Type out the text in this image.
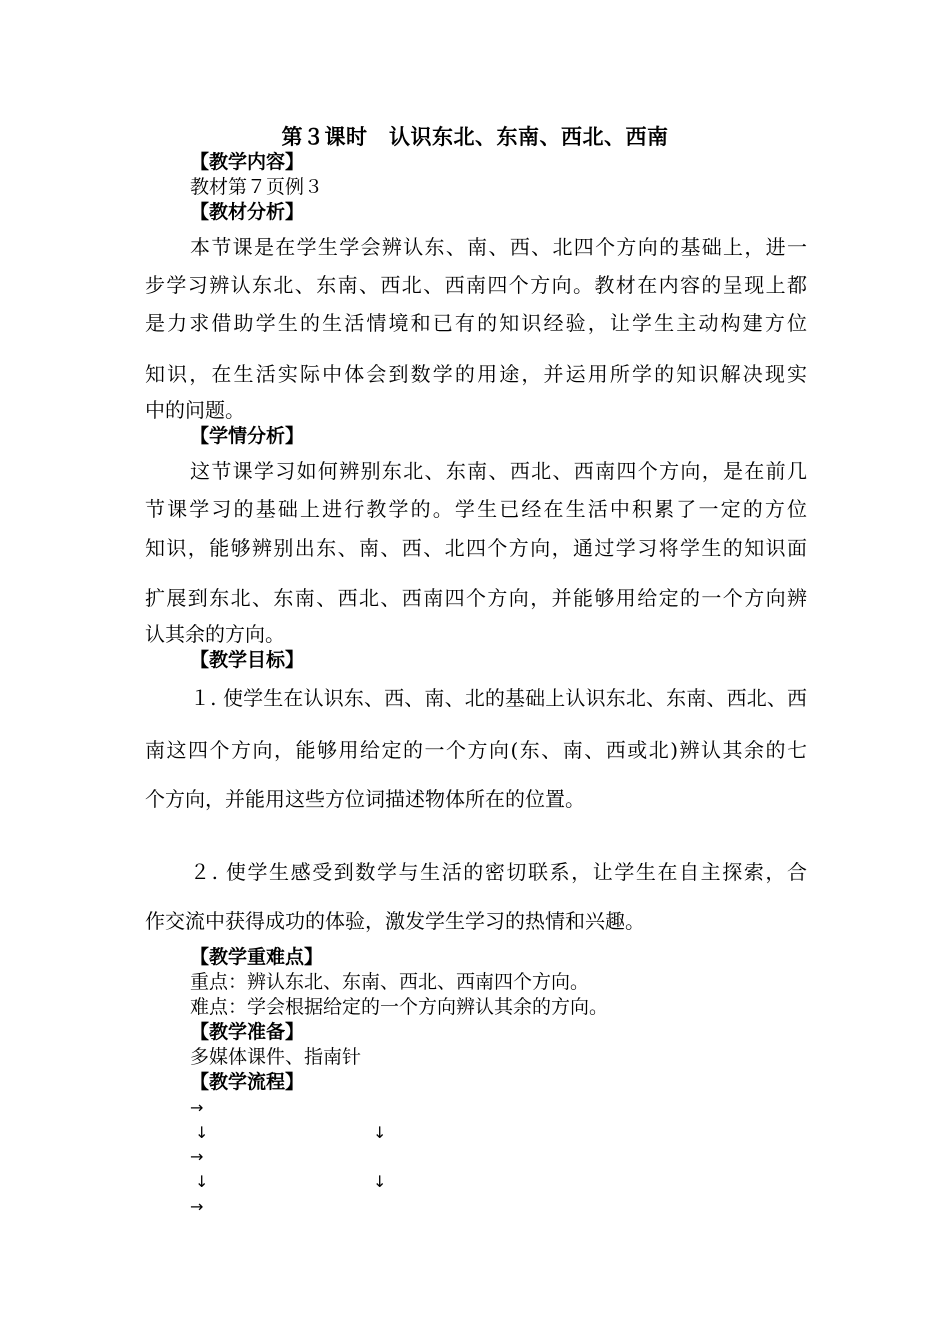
第３课时　认识东北、东南、西北、西南
【教学内容】
教材第７页例３
【教材分析】
本节课是在学生学会辨认东、南、西、北四个方向的基础上，进一
步学习辨认东北、东南、西北、西南四个方向。教材在内容的呈现上都
是力求借助学生的生活情境和已有的知识经验，让学生主动构建方位
知识，在生活实际中体会到数学的用途，并运用所学的知识解决现实
中的问题。
【学情分析】
这节课学习如何辨别东北、东南、西北、西南四个方向，是在前几
节课学习的基础上进行教学的。学生已经在生活中积累了一定的方位
知识，能够辨别出东、南、西、北四个方向，通过学习将学生的知识面
扩展到东北、东南、西北、西南四个方向，并能够用给定的一个方向辨
认其余的方向。
【教学目标】
１. 使学生在认识东、西、南、北的基础上认识东北、东南、西北、西
南这四个方向，能够用给定的一个方向(东、南、西或北)辨认其余的七
个方向，并能用这些方位词描述物体所在的位置。
２. 使学生感受到数学与生活的密切联系，让学生在自主探索，合
作交流中获得成功的体验，激发学生学习的热情和兴趣。
【教学重难点】
重点：辨认东北、东南、西北、西南四个方向。
难点：学会根据给定的一个方向辨认其余的方向。
【教学准备】
多媒体课件、指南针
【教学流程】
→
↓	↓
→
↓	↓
→
